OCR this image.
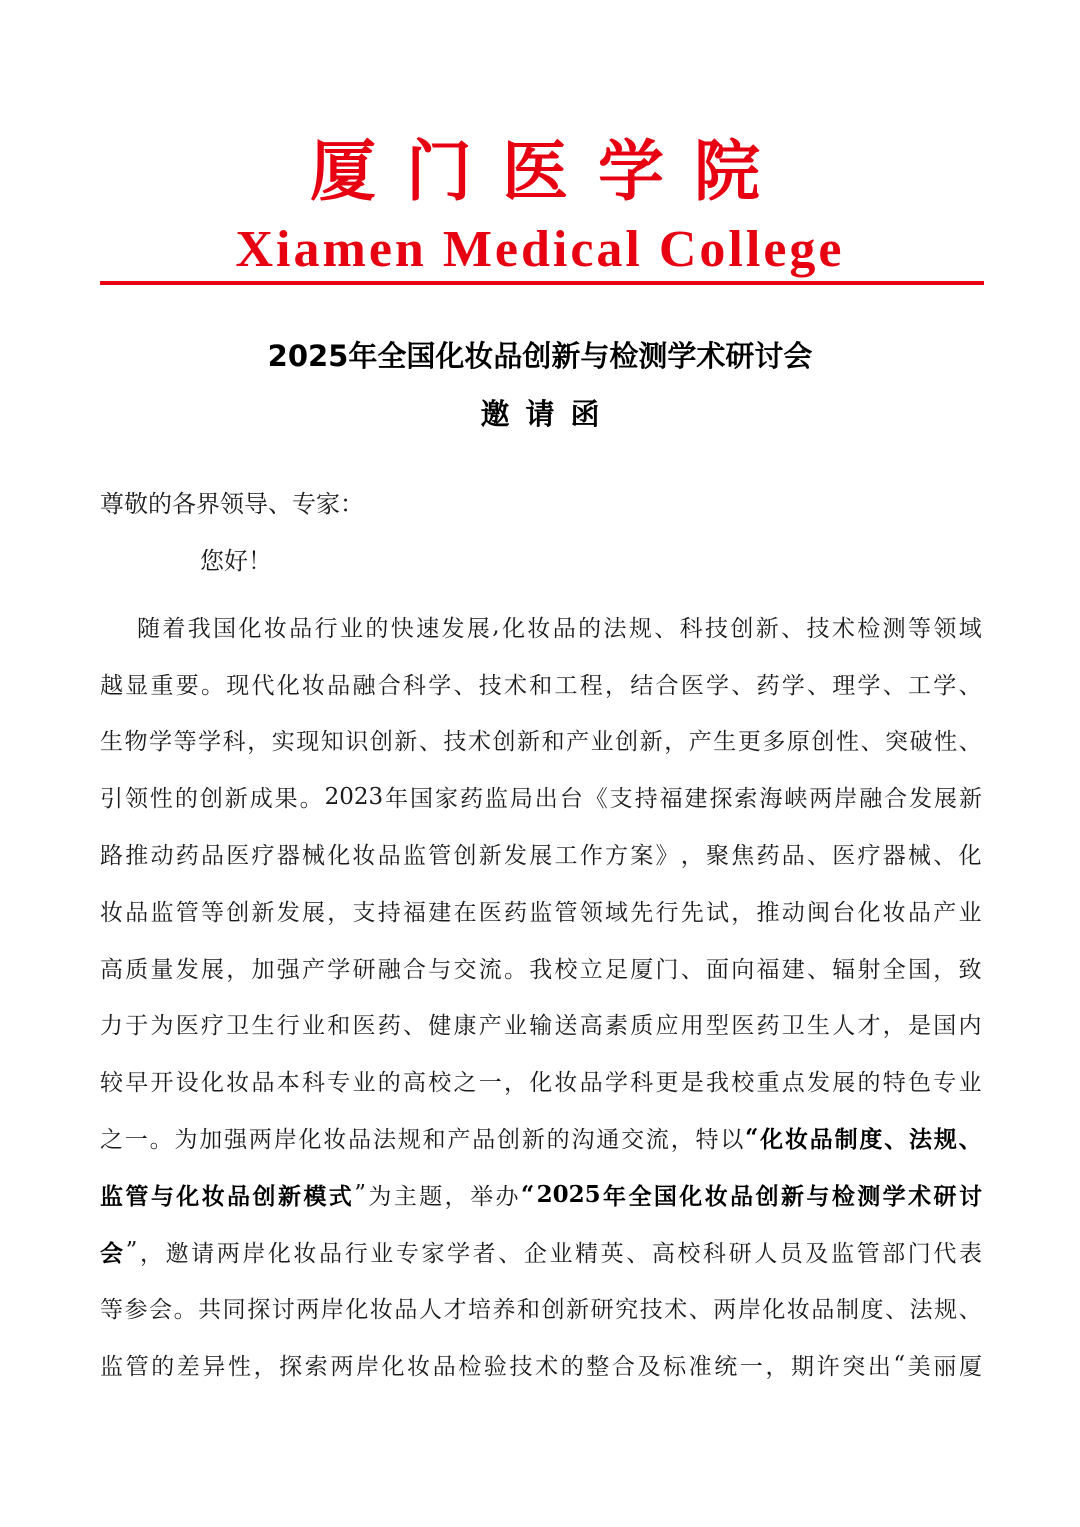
厦门医学院
Xiamen Medical College
2025年全国化妆品创新与检测学术研讨会
邀请函
尊敬的各界领导、专家：
您好！
随 着 我 国 化 妆 品 行 业 的 快 速 发 展 , 化 妆 品 的 法 规 、 科 技 创 新 、 技 术 检 测 等 领 域
越 显 重 要 。 现 代 化 妆 品 融 合 科 学 、 技 术 和 工 程 ， 结 合 医 学 、 药 学 、 理 学 、 工 学 、
生 物 学 等 学 科 ， 实 现 知 识 创 新 、 技 术 创 新 和 产 业 创 新 ， 产 生 更 多 原 创 性 、 突 破 性 、
引 领 性 的 创 新 成 果 。 2023 年 国 家 药 监 局 出 台 《 支 持 福 建 探 索 海 峡 两 岸 融 合 发 展 新
路 推 动 药 品 医 疗 器 械 化 妆 品 监 管 创 新 发 展 工 作 方 案 》 ， 聚 焦 药 品 、 医 疗 器 械 、 化
妆 品 监 管 等 创 新 发 展 ， 支 持 福 建 在 医 药 监 管 领 域 先 行 先 试 ， 推 动 闽 台 化 妆 品 产 业
高 质 量 发 展 ， 加 强 产 学 研 融 合 与 交 流 。 我 校 立 足 厦 门 、 面 向 福 建 、 辐 射 全 国 ， 致
力 于 为 医 疗 卫 生 行 业 和 医 药 、 健 康 产 业 输 送 高 素 质 应 用 型 医 药 卫 生 人 才 ， 是 国 内
较 早 开 设 化 妆 品 本 科 专 业 的 高 校 之 一 ， 化 妆 品 学 科 更 是 我 校 重 点 发 展 的 特 色 专 业
之 一 。 为 加 强 两 岸 化 妆 品 法 规 和 产 品 创 新 的 沟 通 交 流 ， 特 以 “ 化 妆 品 制 度 、 法 规 、
监 管 与 化 妆 品 创 新 模 式 ” 为 主 题 ， 举 办 “ 2025 年 全 国 化 妆 品 创 新 与 检 测 学 术 研 讨
会 ” ， 邀 请 两 岸 化 妆 品 行 业 专 家 学 者 、 企 业 精 英 、 高 校 科 研 人 员 及 监 管 部 门 代 表
等 参 会 。 共 同 探 讨 两 岸 化 妆 品 人 才 培 养 和 创 新 研 究 技 术 、 两 岸 化 妆 品 制 度 、 法 规 、
监 管 的 差 异 性 ， 探 索 两 岸 化 妆 品 检 验 技 术 的 整 合 及 标 准 统 一 ， 期 许 突 出 “ 美 丽 厦
